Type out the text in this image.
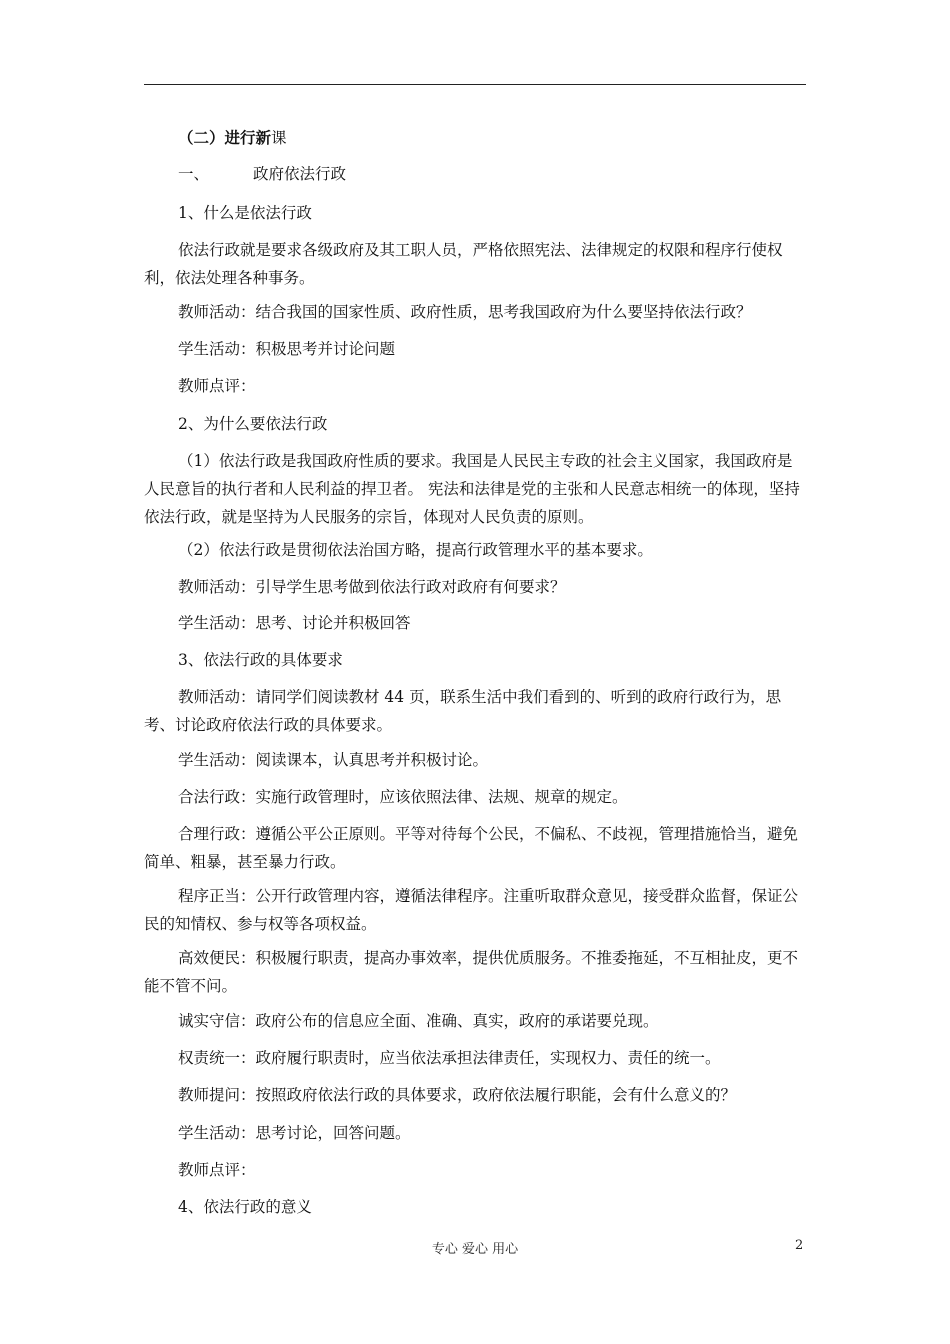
（二）进行新课

一、	政府依法行政

1、什么是依法行政

依法行政就是要求各级政府及其工职人员，严格依照宪法、法律规定的权限和程序行使权利，依法处理各种事务。

教师活动：结合我国的国家性质、政府性质，思考我国政府为什么要坚持依法行政？

学生活动：积极思考并讨论问题

教师点评：

2、为什么要依法行政

（1）依法行政是我国政府性质的要求。我国是人民民主专政的社会主义国家，我国政府是人民意旨的执行者和人民利益的捍卫者。 宪法和法律是党的主张和人民意志相统一的体现，坚持依法行政，就是坚持为人民服务的宗旨，体现对人民负责的原则。

（2）依法行政是贯彻依法治国方略，提高行政管理水平的基本要求。

教师活动：引导学生思考做到依法行政对政府有何要求？

学生活动：思考、讨论并积极回答

3、依法行政的具体要求

教师活动：请同学们阅读教材 44 页，联系生活中我们看到的、听到的政府行政行为，思考、讨论政府依法行政的具体要求。

学生活动：阅读课本，认真思考并积极讨论。

合法行政：实施行政管理时，应该依照法律、法规、规章的规定。

合理行政：遵循公平公正原则。平等对待每个公民，不偏私、不歧视，管理措施恰当，避免简单、粗暴，甚至暴力行政。

程序正当：公开行政管理内容，遵循法律程序。注重听取群众意见，接受群众监督，保证公民的知情权、参与权等各项权益。

高效便民：积极履行职责，提高办事效率，提供优质服务。不推委拖延，不互相扯皮，更不能不管不问。

诚实守信：政府公布的信息应全面、准确、真实，政府的承诺要兑现。

权责统一：政府履行职责时，应当依法承担法律责任，实现权力、责任的统一。

教师提问：按照政府依法行政的具体要求，政府依法履行职能，会有什么意义的？

学生活动：思考讨论，回答问题。

教师点评：

4、依法行政的意义

专心 爱心 用心	2
